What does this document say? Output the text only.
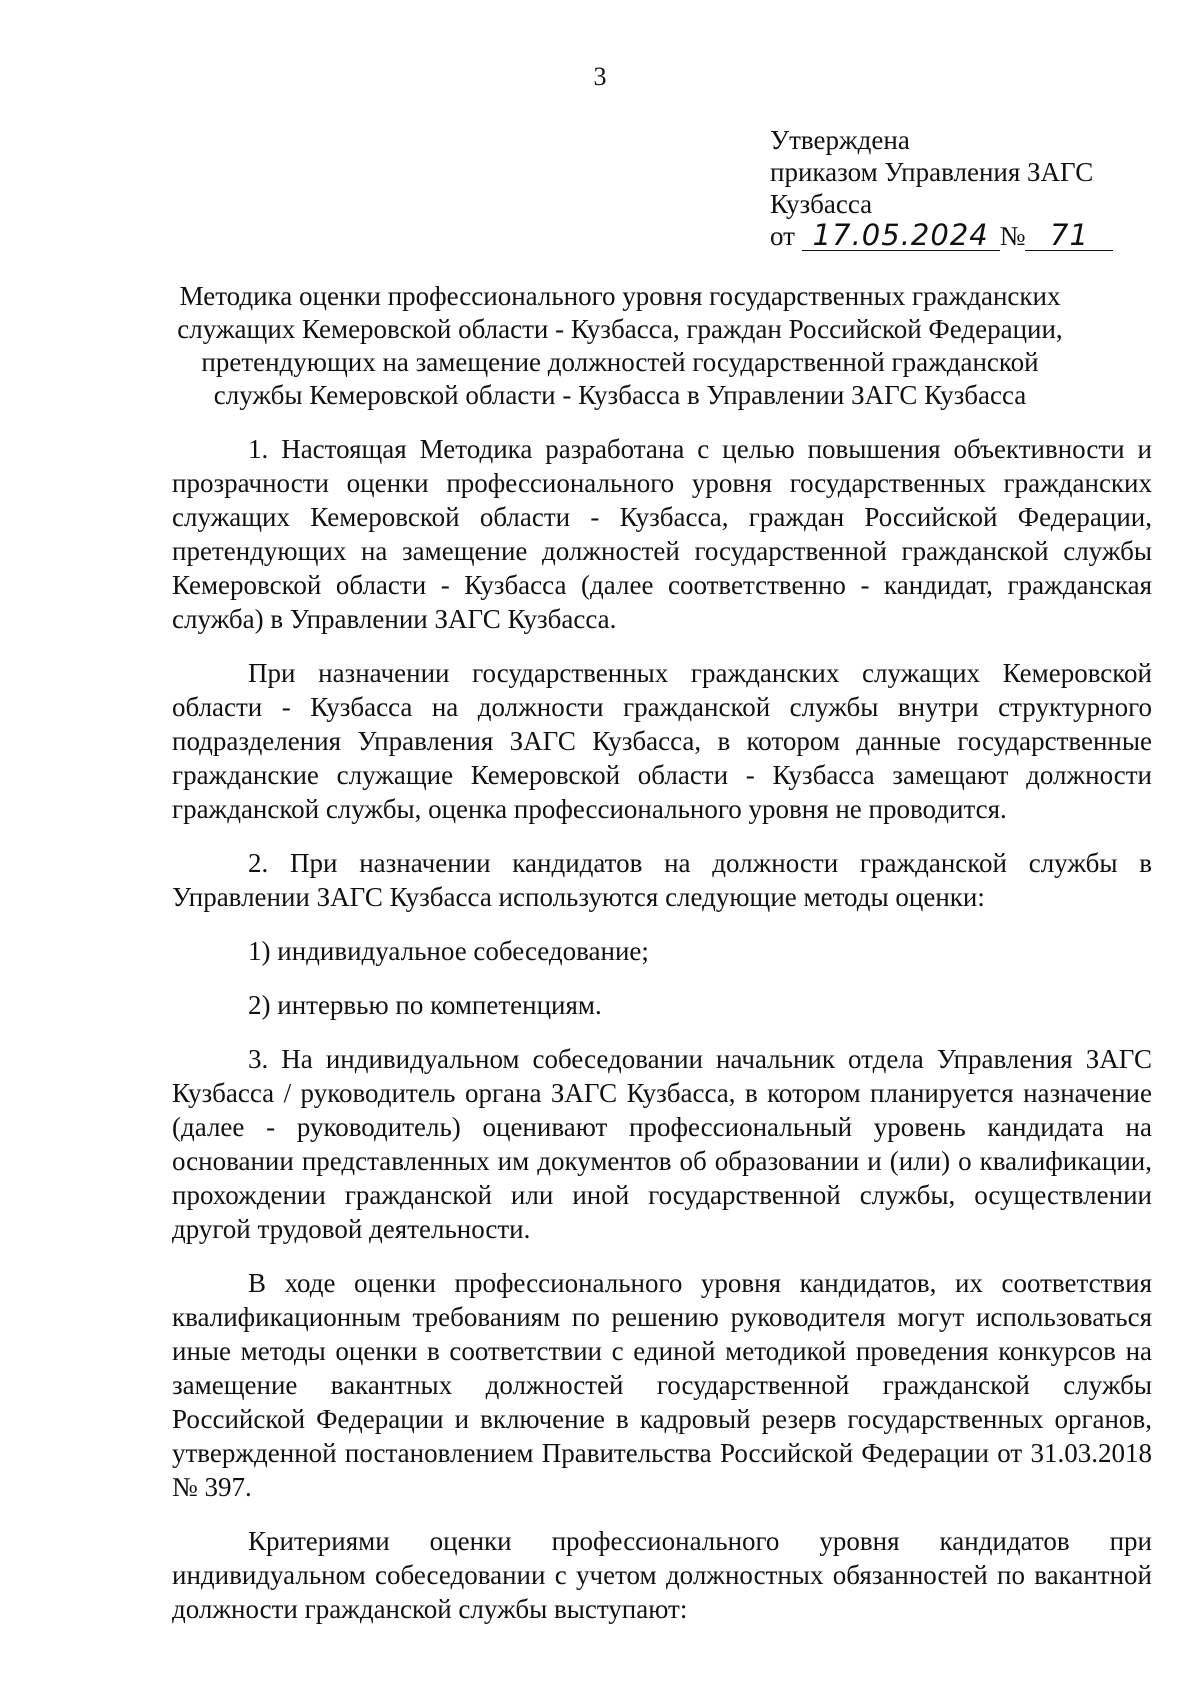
3
Утверждена
приказом Управления ЗАГС
Кузбасса
от 17.05.2024 № 71
Методика оценки профессионального уровня государственных гражданских
служащих Кемеровской области - Кузбасса, граждан Российской Федерации,
претендующих на замещение должностей государственной гражданской
службы Кемеровской области - Кузбасса в Управлении ЗАГС Кузбасса

1. Настоящая Методика разработана с целью повышения объективности и прозрачности оценки профессионального уровня государственных гражданских служащих Кемеровской области - Кузбасса, граждан Российской Федерации, претендующих на замещение должностей государственной гражданской службы Кемеровской области - Кузбасса (далее соответственно - кандидат, гражданская служба) в Управлении ЗАГС Кузбасса.

При назначении государственных гражданских служащих Кемеровской области - Кузбасса на должности гражданской службы внутри структурного подразделения Управления ЗАГС Кузбасса, в котором данные государственные гражданские служащие Кемеровской области - Кузбасса замещают должности гражданской службы, оценка профессионального уровня не проводится.

2. При назначении кандидатов на должности гражданской службы в Управлении ЗАГС Кузбасса используются следующие методы оценки:

1) индивидуальное собеседование;

2) интервью по компетенциям.

3. На индивидуальном собеседовании начальник отдела Управления ЗАГС Кузбасса / руководитель органа ЗАГС Кузбасса, в котором планируется назначение (далее - руководитель) оценивают профессиональный уровень кандидата на основании представленных им документов об образовании и (или) о квалификации, прохождении гражданской или иной государственной службы, осуществлении другой трудовой деятельности.

В ходе оценки профессионального уровня кандидатов, их соответствия квалификационным требованиям по решению руководителя могут использоваться иные методы оценки в соответствии с единой методикой проведения конкурсов на замещение вакантных должностей государственной гражданской службы Российской Федерации и включение в кадровый резерв государственных органов, утвержденной постановлением Правительства Российской Федерации от 31.03.2018 № 397.

Критериями оценки профессионального уровня кандидатов при индивидуальном собеседовании с учетом должностных обязанностей по вакантной должности гражданской службы выступают:
